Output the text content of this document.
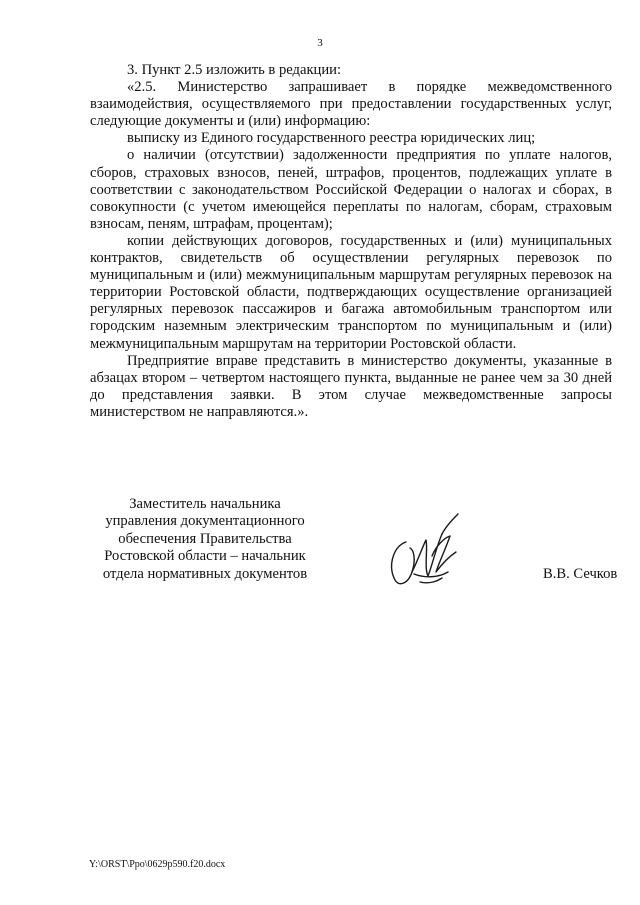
3

3. Пункт 2.5 изложить в редакции:

«2.5. Министерство запрашивает в порядке межведомственного взаимодействия, осуществляемого при предоставлении государственных услуг, следующие документы и (или) информацию:

выписку из Единого государственного реестра юридических лиц;

о наличии (отсутствии) задолженности предприятия по уплате налогов, сборов, страховых взносов, пеней, штрафов, процентов, подлежащих уплате в соответствии с законодательством Российской Федерации о налогах и сборах, в совокупности (с учетом имеющейся переплаты по налогам, сборам, страховым взносам, пеням, штрафам, процентам);

копии действующих договоров, государственных и (или) муниципальных контрактов, свидетельств об осуществлении регулярных перевозок по муниципальным и (или) межмуниципальным маршрутам регулярных перевозок на территории Ростовской области, подтверждающих осуществление организацией регулярных перевозок пассажиров и багажа автомобильным транспортом или городским наземным электрическим транспортом по муниципальным и (или) межмуниципальным маршрутам на территории Ростовской области.

Предприятие вправе представить в министерство документы, указанные в абзацах втором – четвертом настоящего пункта, выданные не ранее чем за 30 дней до представления заявки. В этом случае межведомственные запросы министерством не направляются.».

Заместитель начальника
управления документационного
обеспечения Правительства
Ростовской области – начальник
отдела нормативных документов	В.В. Сечков
Y:\ORST\Ppo\0629p590.f20.docx
